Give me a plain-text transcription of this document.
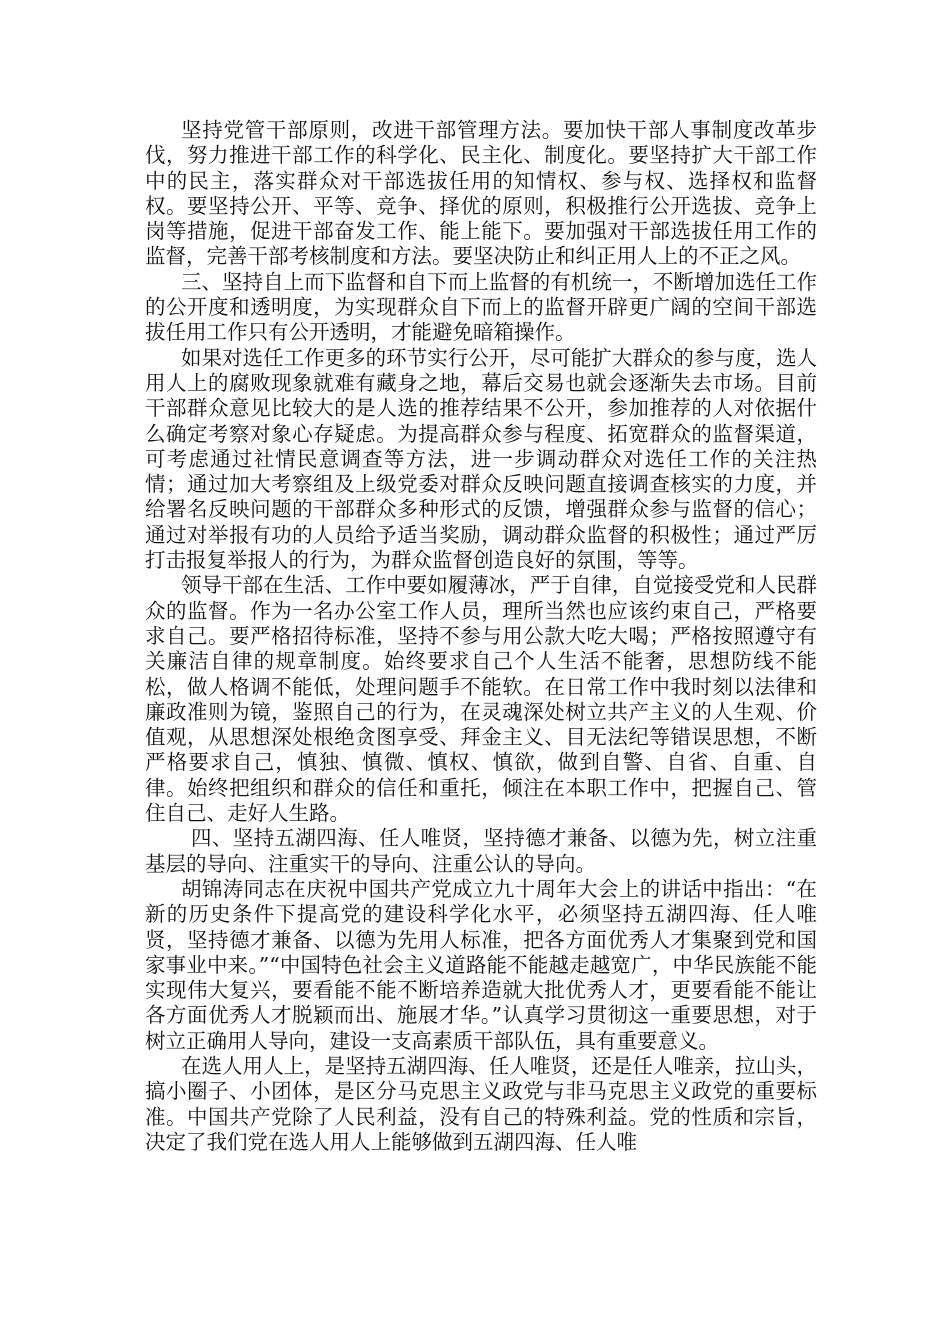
坚持党管干部原则，改进干部管理方法。要加快干部人事制度改革步伐，努力推进干部工作的科学化、民主化、制度化。要坚持扩大干部工作中的民主，落实群众对干部选拔任用的知情权、参与权、选择权和监督权。要坚持公开、平等、竞争、择优的原则，积极推行公开选拔、竞争上岗等措施，促进干部奋发工作、能上能下。要加强对干部选拔任用工作的监督，完善干部考核制度和方法。要坚决防止和纠正用人上的不正之风。

三、坚持自上而下监督和自下而上监督的有机统一，不断增加选任工作的公开度和透明度，为实现群众自下而上的监督开辟更广阔的空间干部选拔任用工作只有公开透明，才能避免暗箱操作。

如果对选任工作更多的环节实行公开，尽可能扩大群众的参与度，选人用人上的腐败现象就难有藏身之地，幕后交易也就会逐渐失去市场。目前干部群众意见比较大的是人选的推荐结果不公开，参加推荐的人对依据什么确定考察对象心存疑虑。为提高群众参与程度、拓宽群众的监督渠道，可考虑通过社情民意调查等方法，进一步调动群众对选任工作的关注热情；通过加大考察组及上级党委对群众反映问题直接调查核实的力度，并给署名反映问题的干部群众多种形式的反馈，增强群众参与监督的信心；通过对举报有功的人员给予适当奖励，调动群众监督的积极性；通过严厉打击报复举报人的行为，为群众监督创造良好的氛围，等等。

领导干部在生活、工作中要如履薄冰，严于自律，自觉接受党和人民群众的监督。作为一名办公室工作人员，理所当然也应该约束自己，严格要求自己。要严格招待标准，坚持不参与用公款大吃大喝；严格按照遵守有关廉洁自律的规章制度。始终要求自己个人生活不能奢，思想防线不能松，做人格调不能低，处理问题手不能软。在日常工作中我时刻以法律和廉政准则为镜，鉴照自己的行为，在灵魂深处树立共产主义的人生观、价值观，从思想深处根绝贪图享受、拜金主义、目无法纪等错误思想，不断严格要求自己，慎独、慎微、慎权、慎欲，做到自警、自省、自重、自律。始终把组织和群众的信任和重托，倾注在本职工作中，把握自己、管住自己、走好人生路。

四、坚持五湖四海、任人唯贤，坚持德才兼备、以德为先，树立注重基层的导向、注重实干的导向、注重公认的导向。

胡锦涛同志在庆祝中国共产党成立九十周年大会上的讲话中指出：“在新的历史条件下提高党的建设科学化水平，必须坚持五湖四海、任人唯贤，坚持德才兼备、以德为先用人标准，把各方面优秀人才集聚到党和国家事业中来。”“中国特色社会主义道路能不能越走越宽广，中华民族能不能实现伟大复兴，要看能不能不断培养造就大批优秀人才，更要看能不能让各方面优秀人才脱颖而出、施展才华。”认真学习贯彻这一重要思想，对于树立正确用人导向，建设一支高素质干部队伍，具有重要意义。

在选人用人上，是坚持五湖四海、任人唯贤，还是任人唯亲，拉山头，搞小圈子、小团体，是区分马克思主义政党与非马克思主义政党的重要标准。中国共产党除了人民利益，没有自己的特殊利益。党的性质和宗旨，决定了我们党在选人用人上能够做到五湖四海、任人唯
